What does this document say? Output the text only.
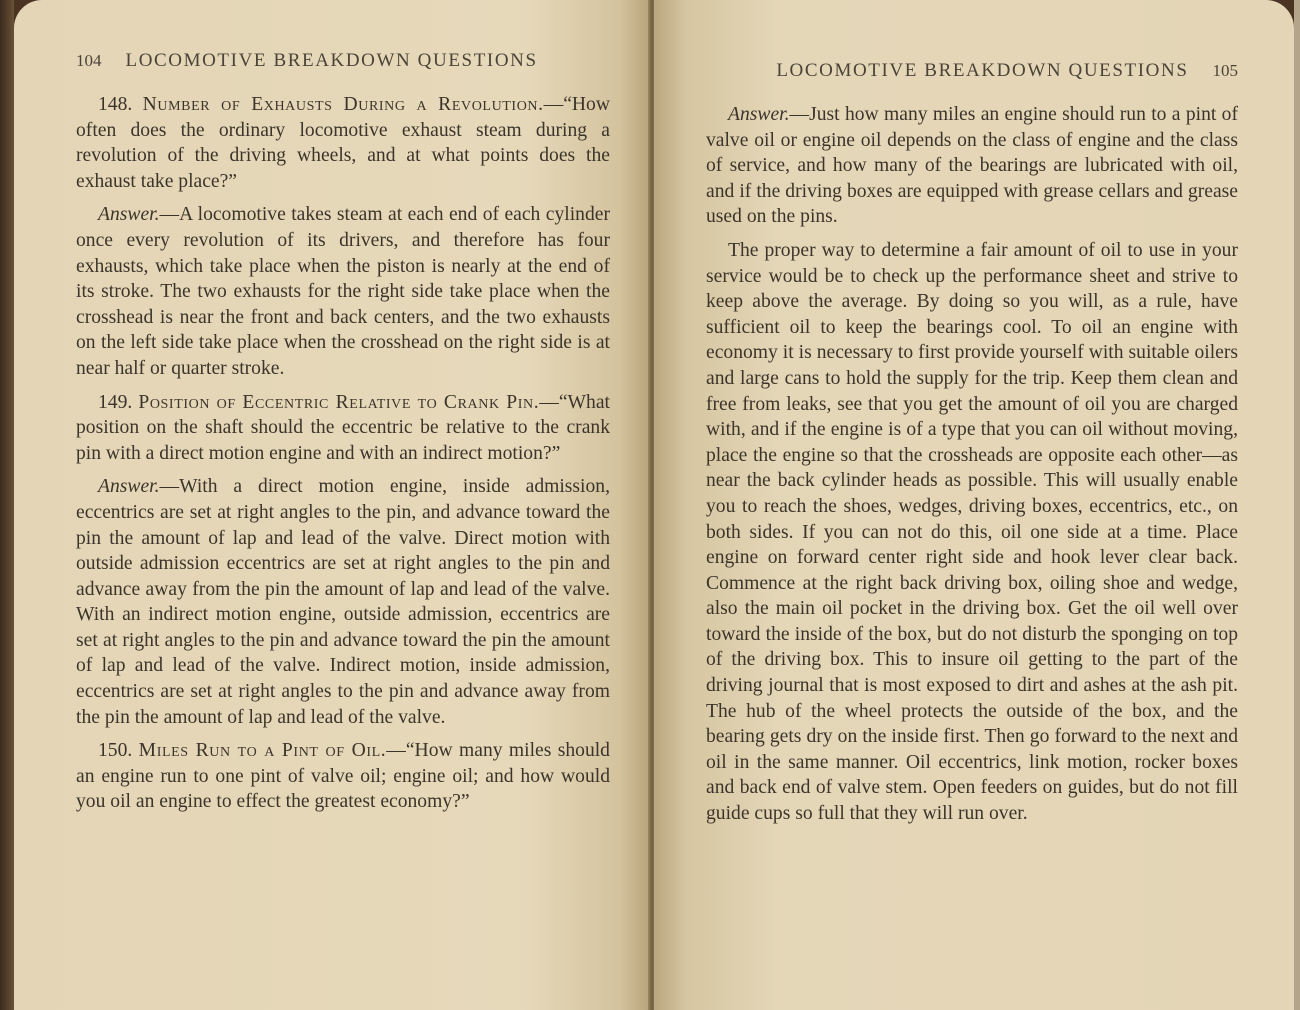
104 LOCOMOTIVE BREAKDOWN QUESTIONS

148. Number of Exhausts During a Revolution.—“How often does the ordinary locomotive exhaust steam during a revolution of the driving wheels, and at what points does the exhaust take place?”

Answer.—A locomotive takes steam at each end of each cylinder once every revolution of its drivers, and therefore has four exhausts, which take place when the piston is nearly at the end of its stroke. The two exhausts for the right side take place when the crosshead is near the front and back centers, and the two exhausts on the left side take place when the crosshead on the right side is at near half or quarter stroke.

149. Position of Eccentric Relative to Crank Pin.—“What position on the shaft should the eccentric be relative to the crank pin with a direct motion engine and with an indirect motion?”

Answer.—With a direct motion engine, inside admission, eccentrics are set at right angles to the pin, and advance toward the pin the amount of lap and lead of the valve. Direct motion with outside admission eccentrics are set at right angles to the pin and advance away from the pin the amount of lap and lead of the valve. With an indirect motion engine, outside admission, eccentrics are set at right angles to the pin and advance toward the pin the amount of lap and lead of the valve. Indirect motion, inside admission, eccentrics are set at right angles to the pin and advance away from the pin the amount of lap and lead of the valve.

150. Miles Run to a Pint of Oil.—“How many miles should an engine run to one pint of valve oil; engine oil; and how would you oil an engine to effect the greatest economy?”

LOCOMOTIVE BREAKDOWN QUESTIONS 105

Answer.—Just how many miles an engine should run to a pint of valve oil or engine oil depends on the class of engine and the class of service, and how many of the bearings are lubricated with oil, and if the driving boxes are equipped with grease cellars and grease used on the pins.

The proper way to determine a fair amount of oil to use in your service would be to check up the performance sheet and strive to keep above the average. By doing so you will, as a rule, have sufficient oil to keep the bearings cool. To oil an engine with economy it is necessary to first provide yourself with suitable oilers and large cans to hold the supply for the trip. Keep them clean and free from leaks, see that you get the amount of oil you are charged with, and if the engine is of a type that you can oil without moving, place the engine so that the crossheads are opposite each other—as near the back cylinder heads as possible. This will usually enable you to reach the shoes, wedges, driving boxes, eccentrics, etc., on both sides. If you can not do this, oil one side at a time. Place engine on forward center right side and hook lever clear back. Commence at the right back driving box, oiling shoe and wedge, also the main oil pocket in the driving box. Get the oil well over toward the inside of the box, but do not disturb the sponging on top of the driving box. This to insure oil getting to the part of the driving journal that is most exposed to dirt and ashes at the ash pit. The hub of the wheel protects the outside of the box, and the bearing gets dry on the inside first. Then go forward to the next and oil in the same manner. Oil eccentrics, link motion, rocker boxes and back end of valve stem. Open feeders on guides, but do not fill guide cups so full that they will run over.
